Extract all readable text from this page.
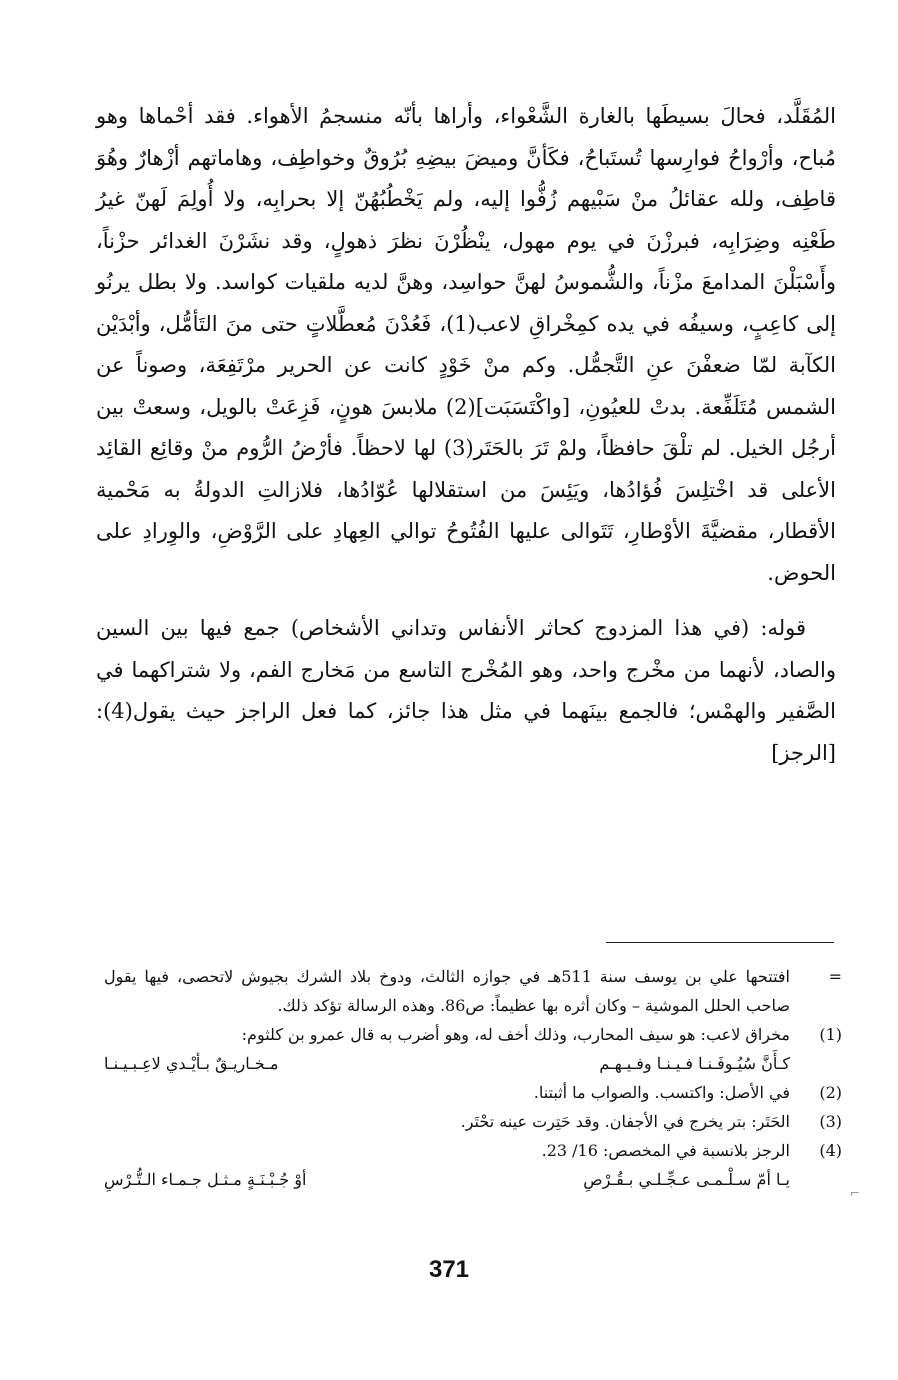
المُقَلَّد، فحالَ بسيطَها بالغارة الشَّعْواء، وأراها بأنّه منسجمُ الأهواء. فقد أحْماها وهو مُباح، وأرْواحُ فوارِسها تُستَباحُ، فكَأنَّ وميضَ بيضِهِ بُرُوقٌ وخواطِف، وهاماتهم أزْهارٌ وهُوَ قاطِف، ولله عقائلُ منْ سَبْيهم زُفُّوا إليه، ولم يَخْطُبُهُنّ إلا بحرابِه، ولا أُولِمَ لَهنّ غيرُ طَعْنِه وضِرَابِه، فبرزْنَ في يوم مهول، ينْظُرْنَ نظرَ ذهولٍ، وقد نشَرْنَ الغدائر حزْناً، وأَسْبَلْنَ المدامعَ مزْناً، والشُّموسُ لهنَّ حواسِد، وهنَّ لديه ملقيات كواسد. ولا بطل يرنُو إلى كاعِبٍ، وسيفُه في يده كمِخْراقِ لاعب(1)، فَعُدْنَ مُعطَّلاتٍ حتى منَ التَأمُّل، وأبْدَيْن الكآبة لمّا ضعفْنَ عنِ التَّجمُّل. وكم منْ خَوْدٍ كانت عن الحرير مرْتَفِعَة، وصوناً عن الشمس مُتَلَفِّعة. بدتْ للعيُونِ، [واكْتَسَبَت](2) ملابسَ هونٍ، فَزِعَتْ بالويل، وسعتْ بين أرجُل الخيل. لم تلْقَ حافظاً، ولمْ تَرَ بالحَتَر(3) لها لاحظاً. فأرْضُ الرُّوم منْ وقائِع القائِد الأعلى قد اخْتلِسَ فُؤادُها، ويَئِسَ من استقلالها عُوّادُها، فلازالتِ الدولةُ به مَحْمية الأقطار، مقضيَّةَ الأوْطارِ، تَتَوالى عليها الفُتُوحُ توالي العِهادِ على الرَّوْضِ، والوِرادِ على الحوض.

قوله: (في هذا المزدوج كحاثر الأنفاس وتداني الأشخاص) جمع فيها بين السين والصاد، لأنهما من مخْرج واحد، وهو المُخْرج التاسع من مَخارج الفم، ولا شتراكهما في الصَّفير والهمْس؛ فالجمع بينَهما في مثل هذا جائز، كما فعل الراجز حيث يقول(4): [الرجز]

=
افتتحها علي بن يوسف سنة 511هـ في جوازه الثالث، ودوخ بلاد الشرك بجيوش لاتحصى، فيها يقول صاحب الحلل الموشية – وكان أثره بها عظيماً: ص86. وهذه الرسالة تؤكد ذلك.
(1)
مخراق لاعب: هو سيف المحارب، وذلك أخف له، وهو أضرب به قال عمرو بن كلثوم:
كـأَنَّ سُيُـوفَـنـا فـيـنـا وفـيـهـم
مـخـاريـقٌ بـأيْـدي لاعِـبـيـنـا
(2)
في الأصل: واكتسب. والصواب ما أثبتنا.
(3)
الحَتَر: بتر يخرج في الأجفان. وقد حَتِرت عينه تحْتَر.
(4)
الرجز بلانسبة في المخصص: 16/ 23.
يـا أمّ سـلْـمـى عـجِّـلـي بـقُـرْصِ
أوْ جُـبْـنَـةٍ مـثـل جـمـاء الـتُّـرْسِ
⌐
371
